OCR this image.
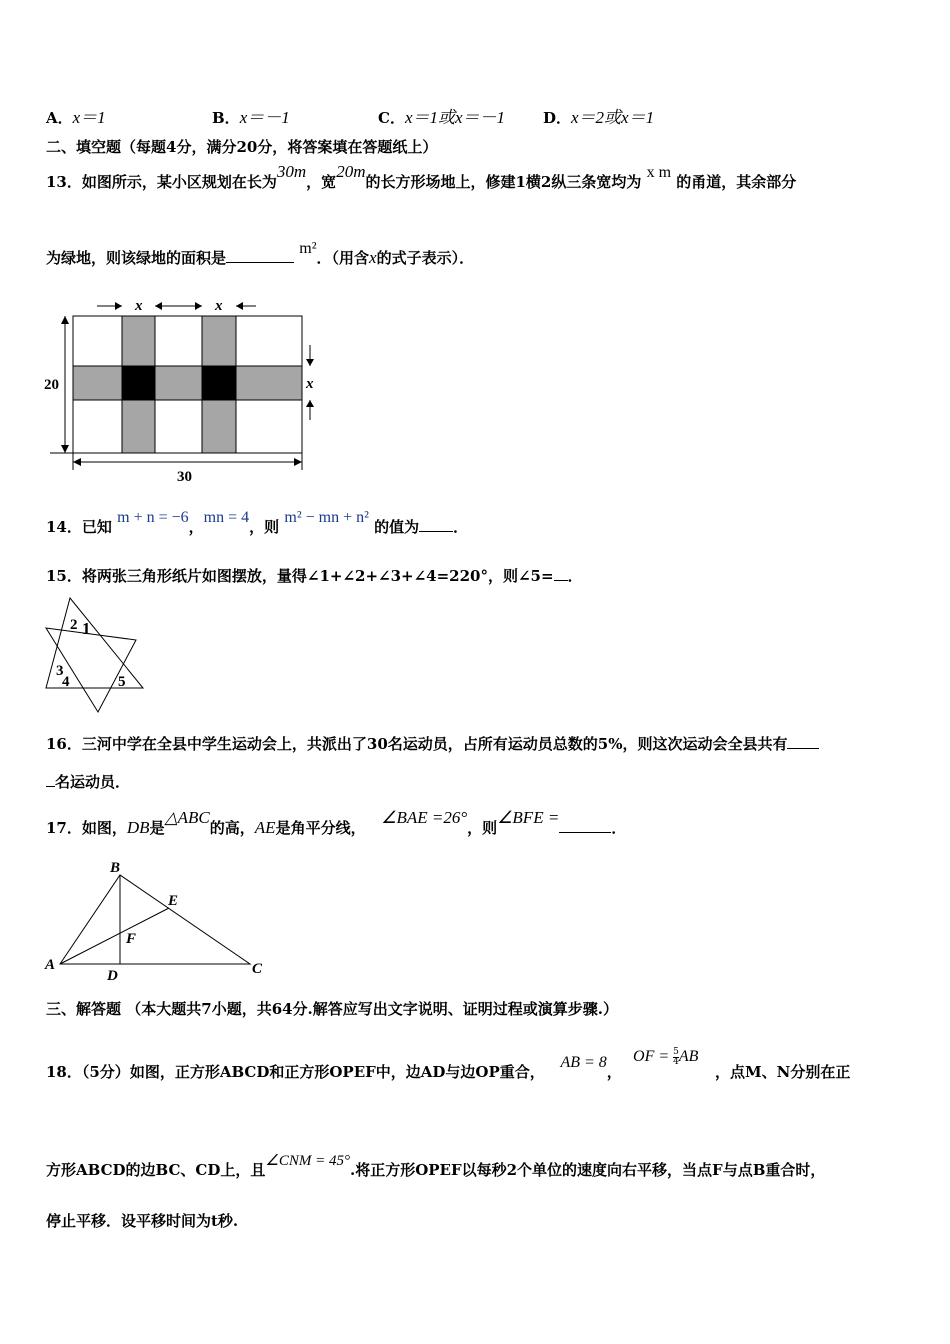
A．x＝1	B．x＝－1	C．x＝1或x＝－1	D．x＝2或x＝1
二、填空题（每题4分，满分20分，将答案填在答题纸上）
13．如图所示，某小区规划在长为30m，宽20m的长方形场地上，修建1横2纵三条宽均为 x m 的甬道，其余部分
为绿地，则该绿地的面积是 m²．（用含x的式子表示）．
x	x
x
20
30
14．已知 m + n = −6，mn = 4，则 m² − mn + n² 的值为 ．
15．将两张三角形纸片如图摆放，量得∠1+∠2+∠3+∠4=220°，则∠5= ．
2 1
3
4	5
16．三河中学在全县中学生运动会上，共派出了30名运动员，占所有运动员总数的5%，则这次运动会全县共有
名运动员．
17．如图，DB是△ABC的高，AE是角平分线，   ∠BAE =26°，则∠BFE =．
B
E
F
A
D	C
三、解答题 （本大题共7小题，共64分.解答应写出文字说明、证明过程或演算步骤.）
18．（5分）如图，正方形ABCD和正方形OPEF中，边AD与边OP重合，   AB = 8， OF = $\frac{5}{4}$ AB，点M、N分别在正
方形ABCD的边BC、CD上，且∠CNM = 45°.将正方形OPEF以每秒2个单位的速度向右平移，当点F与点B重合时，
停止平移．设平移时间为t秒.
